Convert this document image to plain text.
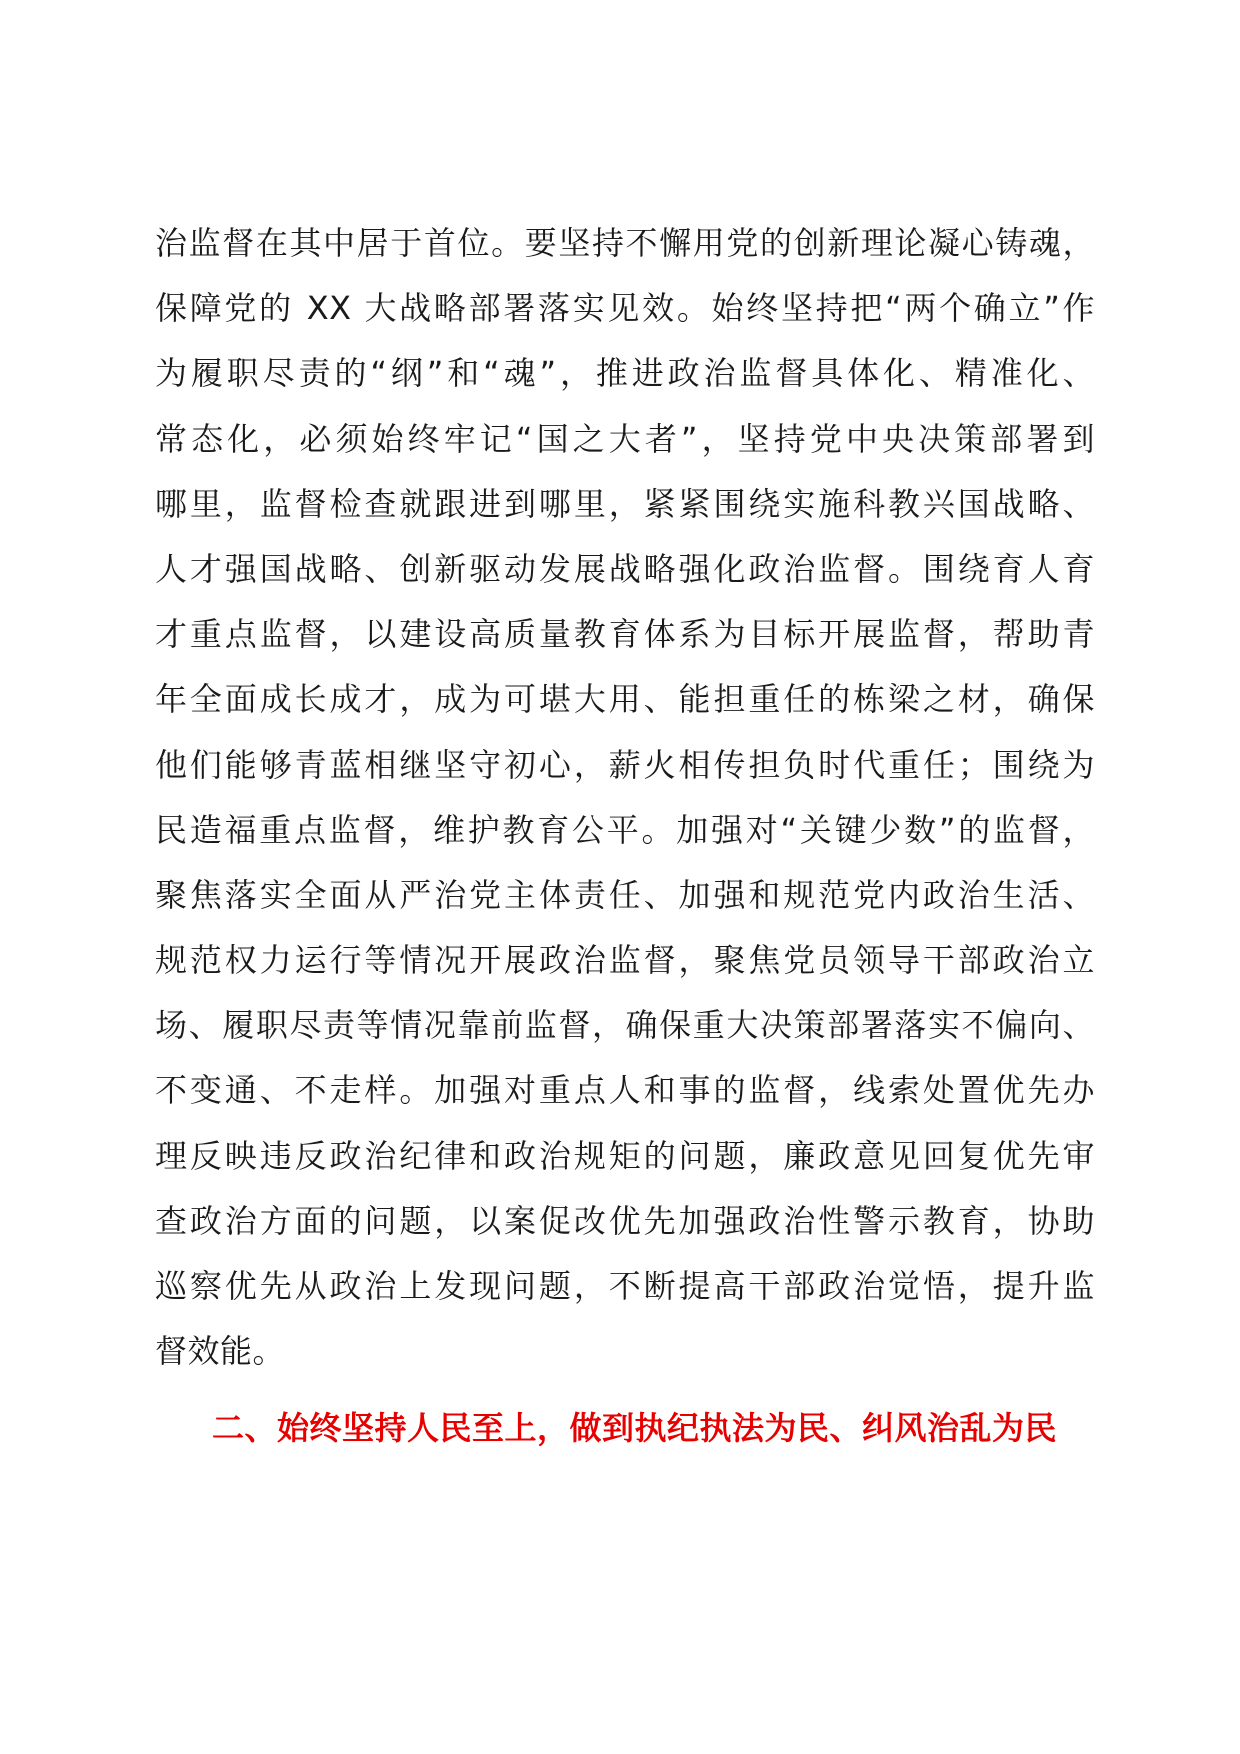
治监督在其中居于首位。要坚持不懈用党的创新理论凝心铸魂，
保障党的 XX 大战略部署落实见效。始终坚持把“两个确立”作
为履职尽责的“纲”和“魂”，推进政治监督具体化、精准化、
常态化，必须始终牢记“国之大者”，坚持党中央决策部署到
哪里，监督检查就跟进到哪里，紧紧围绕实施科教兴国战略、
人才强国战略、创新驱动发展战略强化政治监督。围绕育人育
才重点监督，以建设高质量教育体系为目标开展监督，帮助青
年全面成长成才，成为可堪大用、能担重任的栋梁之材，确保
他们能够青蓝相继坚守初心，薪火相传担负时代重任；围绕为
民造福重点监督，维护教育公平。加强对“关键少数”的监督，
聚焦落实全面从严治党主体责任、加强和规范党内政治生活、
规范权力运行等情况开展政治监督，聚焦党员领导干部政治立
场、履职尽责等情况靠前监督，确保重大决策部署落实不偏向、
不变通、不走样。加强对重点人和事的监督，线索处置优先办
理反映违反政治纪律和政治规矩的问题，廉政意见回复优先审
查政治方面的问题，以案促改优先加强政治性警示教育，协助
巡察优先从政治上发现问题，不断提高干部政治觉悟，提升监
督效能。
二、始终坚持人民至上，做到执纪执法为民、纠风治乱为民
